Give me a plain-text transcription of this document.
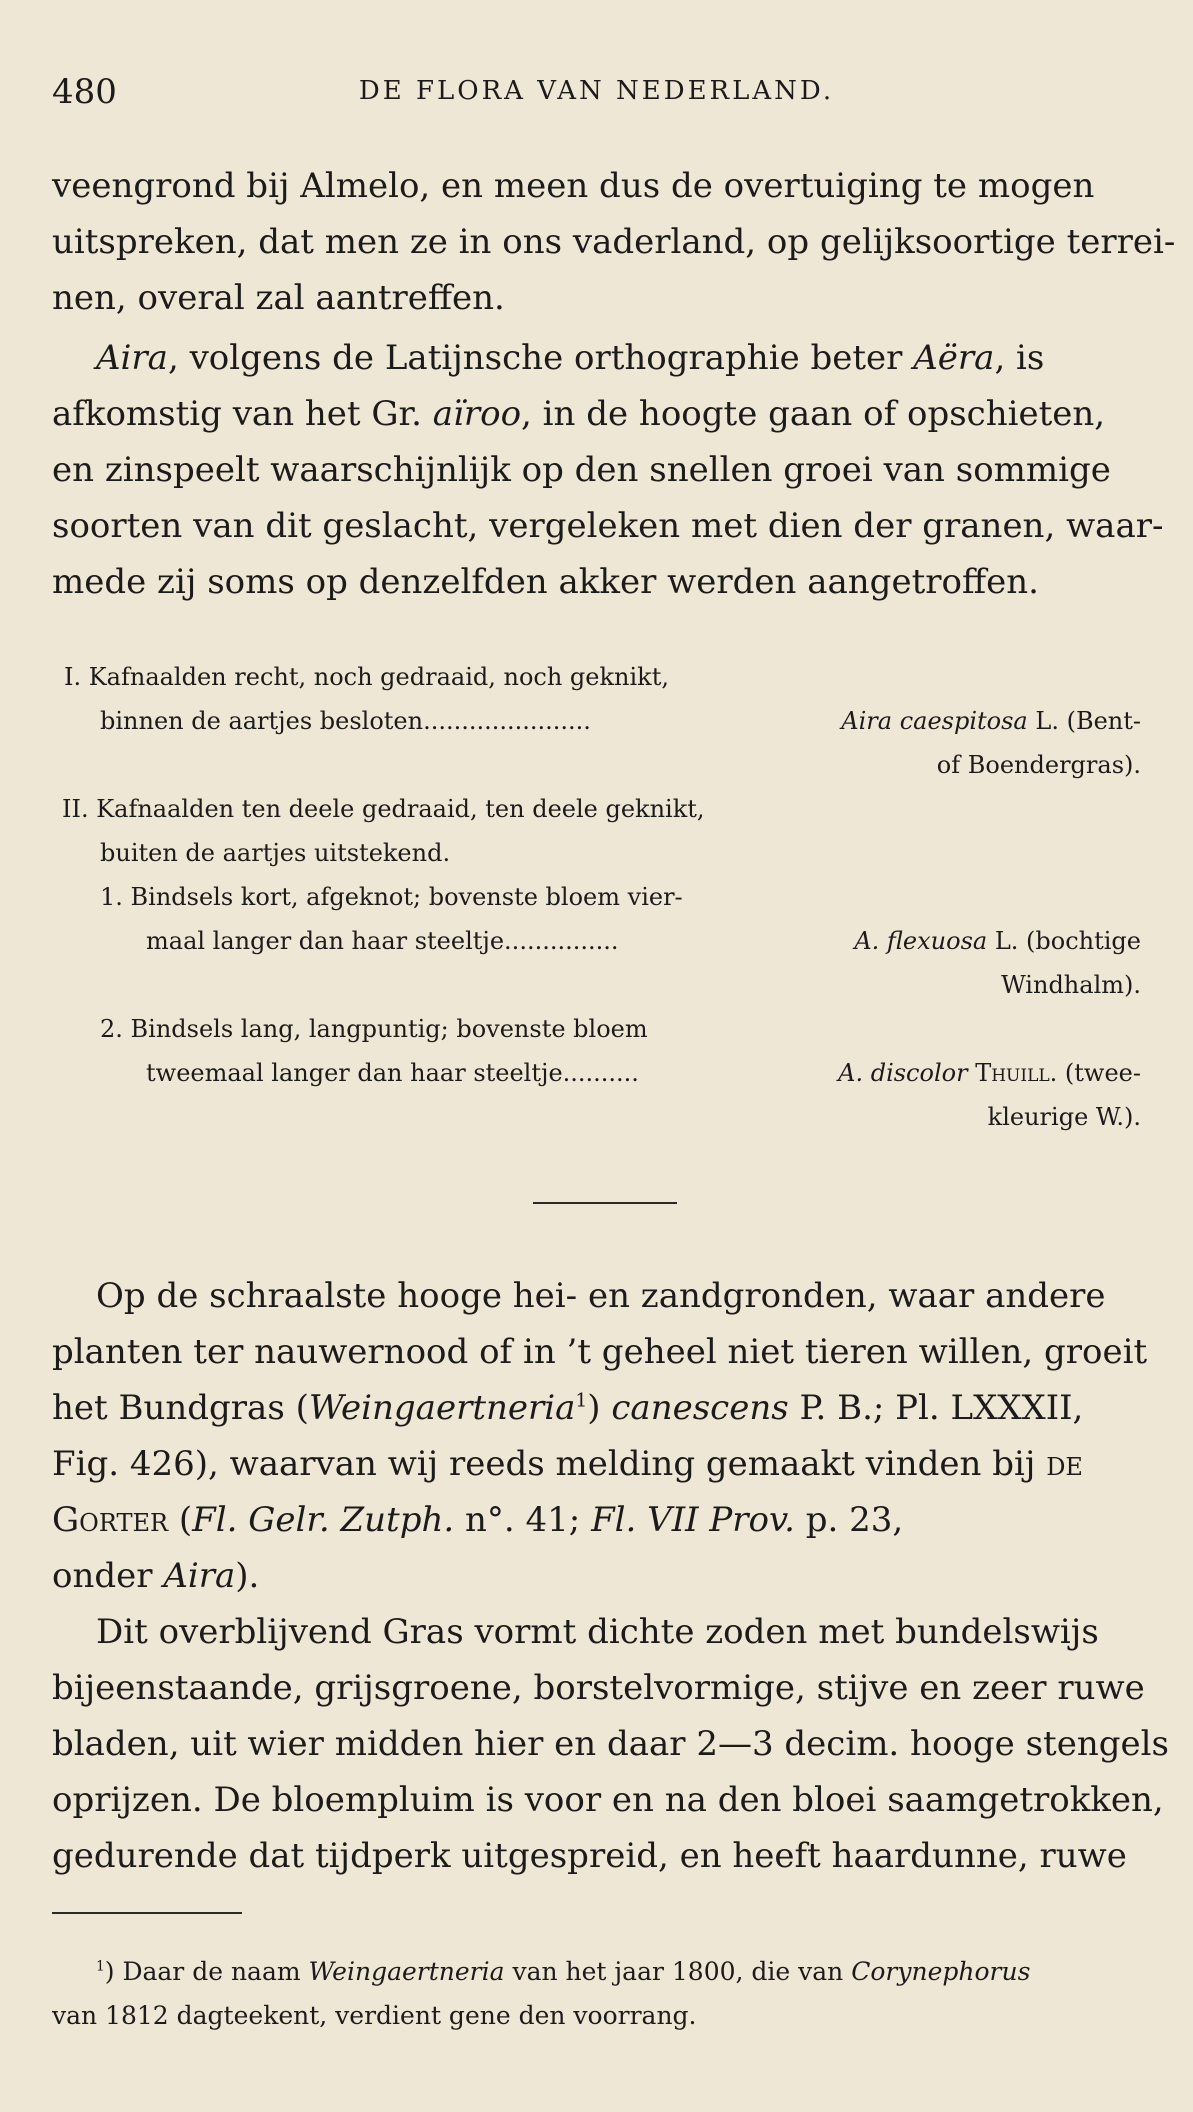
480	DE FLORA VAN NEDERLAND.
veengrond bij Almelo, en meen dus de overtuiging te mogen
uitspreken, dat men ze in ons vaderland, op gelijksoortige terrei-
nen, overal zal aantreffen.
Aira, volgens de Latijnsche orthographie beter Aëra, is
afkomstig van het Gr. aïroo, in de hoogte gaan of opschieten,
en zinspeelt waarschijnlijk op den snellen groei van sommige
soorten van dit geslacht, vergeleken met dien der granen, waar-
mede zij soms op denzelfden akker werden aangetroffen.
I. Kafnaalden recht, noch gedraaid, noch geknikt,
binnen de aartjes besloten......................	Aira caespitosa L. (Bent-
of Boendergras).
II. Kafnaalden ten deele gedraaid, ten deele geknikt,
buiten de aartjes uitstekend.
1. Bindsels kort, afgeknot; bovenste bloem vier-
maal langer dan haar steeltje...............	A. flexuosa L. (bochtige
Windhalm).
2. Bindsels lang, langpuntig; bovenste bloem
tweemaal langer dan haar steeltje..........	A. discolor Thuill. (twee-
kleurige W.).
Op de schraalste hooge hei- en zandgronden, waar andere
planten ter nauwernood of in ’t geheel niet tieren willen, groeit
het Bundgras (Weingaertneria$^1$) canescens P. B.; Pl. LXXXII,
Fig. 426), waarvan wij reeds melding gemaakt vinden bij de
Gorter (Fl. Gelr. Zutph. n°. 41; Fl. VII Prov. p. 23,
onder Aira).
Dit overblijvend Gras vormt dichte zoden met bundelswijs
bijeenstaande, grijsgroene, borstelvormige, stijve en zeer ruwe
bladen, uit wier midden hier en daar 2—3 decim. hooge stengels
oprijzen. De bloempluim is voor en na den bloei saamgetrokken,
gedurende dat tijdperk uitgespreid, en heeft haardunne, ruwe
$^1$) Daar de naam Weingaertneria van het jaar 1800, die van Corynephorus
van 1812 dagteekent, verdient gene den voorrang.
